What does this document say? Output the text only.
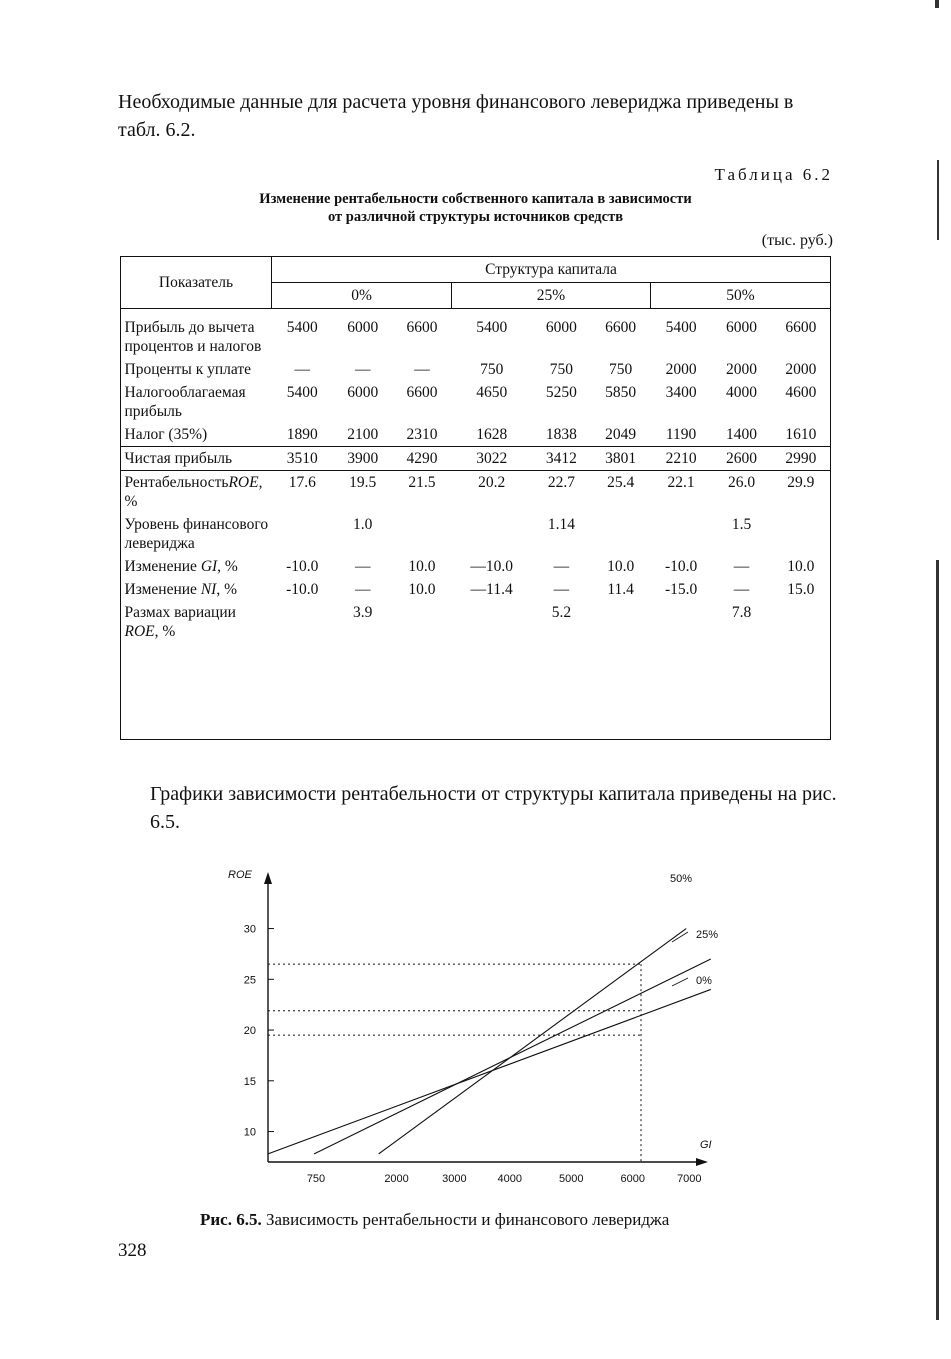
Необходимые данные для расчета уровня финансового левериджа приведены в табл. 6.2.

Таблица 6.2
Изменение рентабельности собственного капитала в зависимости
от различной структуры источников средств
(тыс. руб.)
Показатель	Структура капитала								
	0%			25%			50%		
Прибыль до вычета процентов и налогов	5400	6000	6600	5400	6000	6600	5400	6000	6600
Проценты к уплате	—	—	—	750	750	750	2000	2000	2000
Налогооблагаемая прибыль	5400	6000	6600	4650	5250	5850	3400	4000	4600
Налог (35%)	1890	2100	2310	1628	1838	2049	1190	1400	1610
Чистая прибыль	3510	3900	4290	3022	3412	3801	2210	2600	2990
РентабельностьROE, %	17.6	19.5	21.5	20.2	22.7	25.4	22.1	26.0	29.9
Уровень финансового левериджа		1.0			1.14			1.5	
Изменение GI, %	-10.0	—	10.0	—10.0	—	10.0	-10.0	—	10.0
Изменение NI, %	-10.0	—	10.0	—11.4	—	11.4	-15.0	—	15.0
Размах вариации ROE, %		3.9			5.2			7.8	

Графики зависимости рентабельности от структуры капитала приведены на рис. 6.5.

10
15
20
25
30
750	2000	3000	4000	5000	6000	7000
ROE
GI
50%
25%
0%
Рис. 6.5. Зависимость рентабельности и финансового левериджа
328
